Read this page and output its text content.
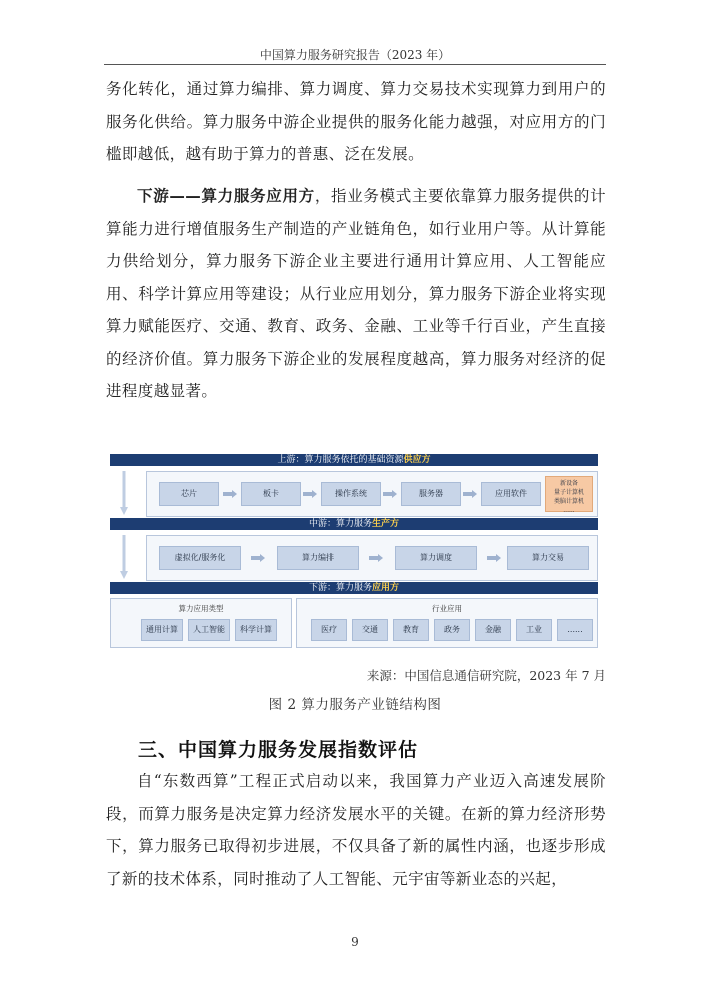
中国算力服务研究报告（2023 年）

务化转化，通过算力编排、算力调度、算力交易技术实现算力到用户的服务化供给。算力服务中游企业提供的服务化能力越强，对应用方的门槛即越低，越有助于算力的普惠、泛在发展。

下游——算力服务应用方，指业务模式主要依靠算力服务提供的计算能力进行增值服务生产制造的产业链角色，如行业用户等。从计算能力供给划分，算力服务下游企业主要进行通用计算应用、人工智能应用、科学计算应用等建设；从行业应用划分，算力服务下游企业将实现算力赋能医疗、交通、教育、政务、金融、工业等千行百业，产生直接的经济价值。算力服务下游企业的发展程度越高，算力服务对经济的促进程度越显著。

上游：算力服务依托的基础资源供应方
芯片	板卡	操作系统	服务器	应用软件
新设备
量子计算机
类脑计算机
......
中游：算力服务生产方
虚拟化/服务化	算力编排	算力调度	算力交易
下游：算力服务应用方
算力应用类型
通用计算	人工智能	科学计算
行业应用
医疗	交通	教育	政务	金融	工业	......
来源：中国信息通信研究院，2023 年 7 月
图 2 算力服务产业链结构图
三、中国算力服务发展指数评估

自“东数西算”工程正式启动以来，我国算力产业迈入高速发展阶段，而算力服务是决定算力经济发展水平的关键。在新的算力经济形势下，算力服务已取得初步进展，不仅具备了新的属性内涵，也逐步形成了新的技术体系，同时推动了人工智能、元宇宙等新业态的兴起，

9
